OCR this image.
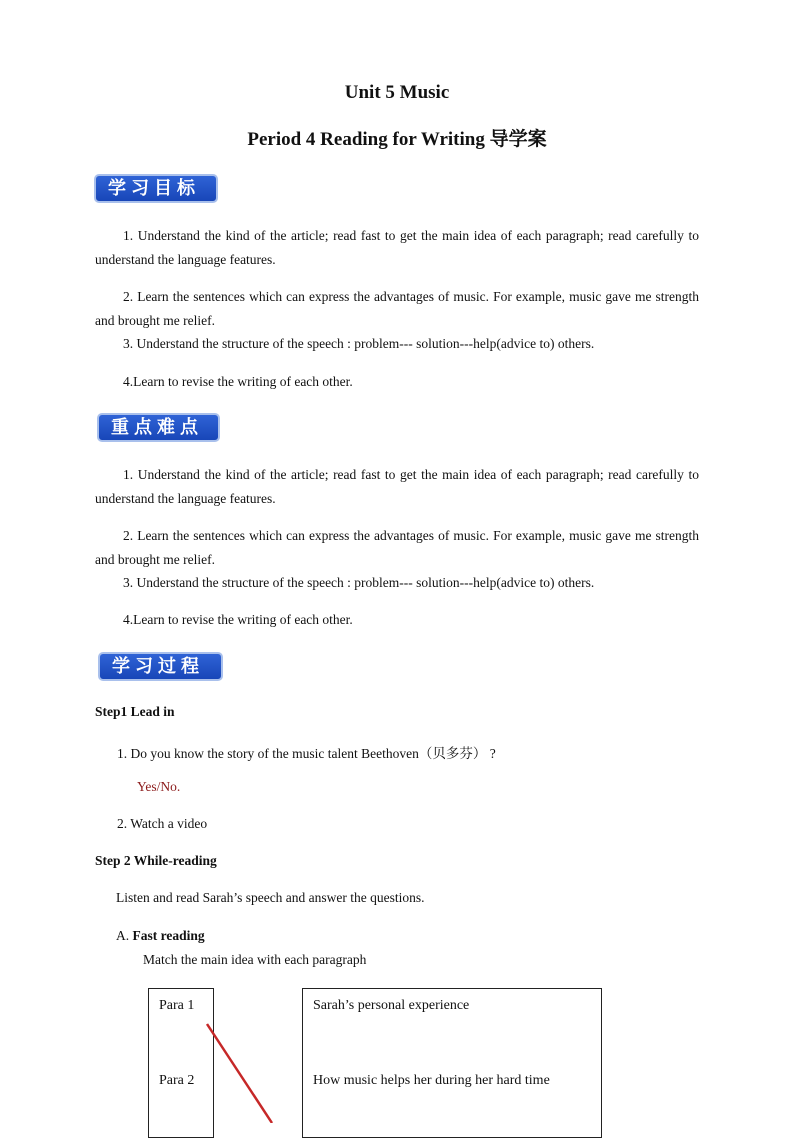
Unit 5 Music
Period 4 Reading for Writing 导学案
学习目标
1. Understand the kind of the article; read fast to get the main idea of each paragraph; read carefully to understand the language features.
2. Learn the sentences which can express the advantages of music. For example, music gave me strength and brought me relief.
3. Understand the structure of the speech : problem--- solution---help(advice to) others.
4.Learn to revise the writing of each other.
重点难点
1. Understand the kind of the article; read fast to get the main idea of each paragraph; read carefully to understand the language features.
2. Learn the sentences which can express the advantages of music. For example, music gave me strength and brought me relief.
3. Understand the structure of the speech : problem--- solution---help(advice to) others.
4.Learn to revise the writing of each other.
学习过程
Step1 Lead in
1. Do you know the story of the music talent Beethoven（贝多芬） ?
Yes/No.
2. Watch a video
Step 2 While-reading
Listen and read Sarah’s speech and answer the questions.
A. Fast reading
Match the main idea with each paragraph
Para 1
Para 2
Sarah’s personal experience
How music helps her during her hard time
